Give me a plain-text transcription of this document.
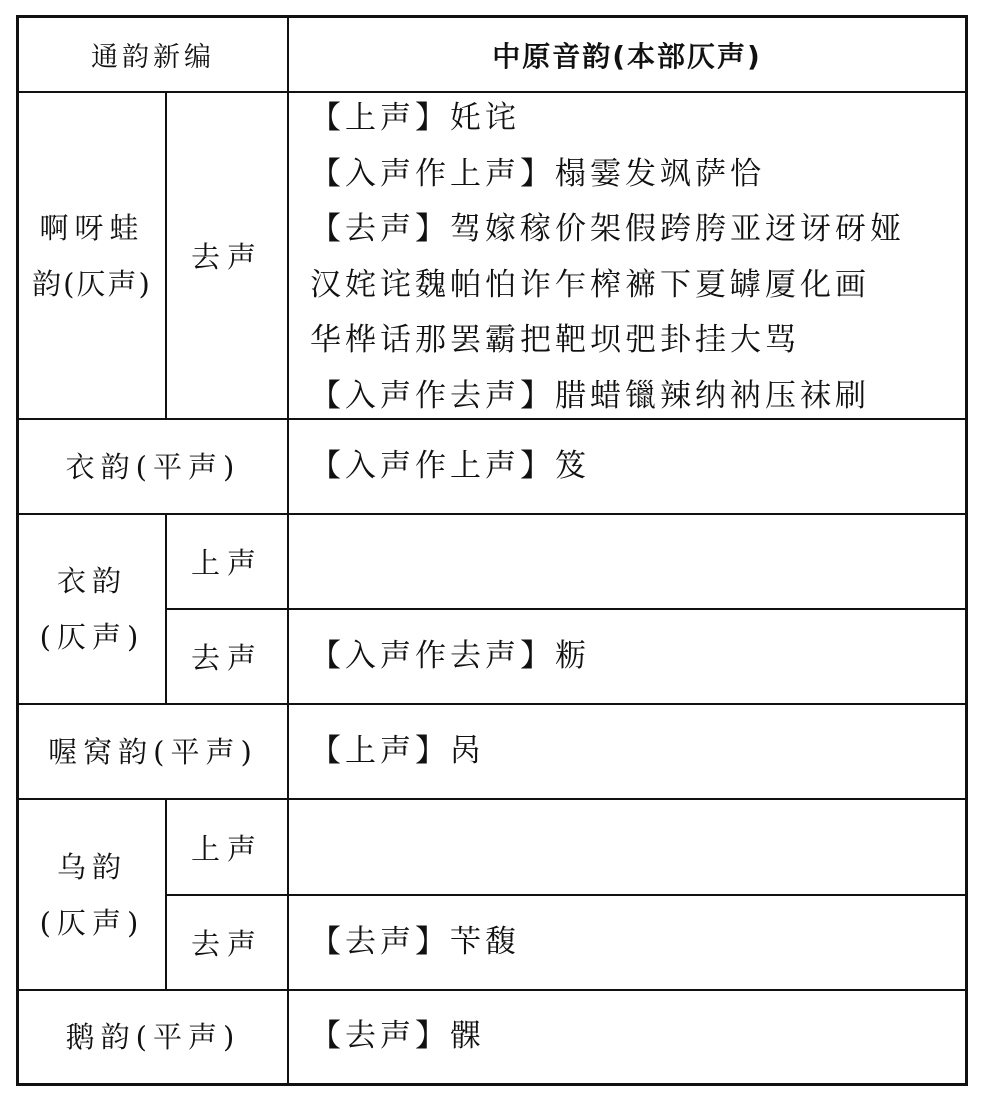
通韵新编	中原音韵(本部仄声)
啊呀蛙
韵(仄声)
去声
【上声】奼诧
【入声作上声】榻霎发飒萨恰
【去声】驾嫁稼价架假跨胯亚迓讶砑娅
汉姹诧魏帕怕诈乍榨褯下夏罅厦化画
华桦话那罢霸把靶坝弝卦挂大骂
【入声作去声】腊蜡镴辣纳衲压袜刷
衣韵(平声) 【入声作上声】笈
衣韵
(仄声)
上声
去声 【入声作去声】粝
喔窝韵(平声) 【上声】呙
乌韵
(仄声)
上声
去声 【去声】苄馥
鹅韵(平声) 【去声】髁
